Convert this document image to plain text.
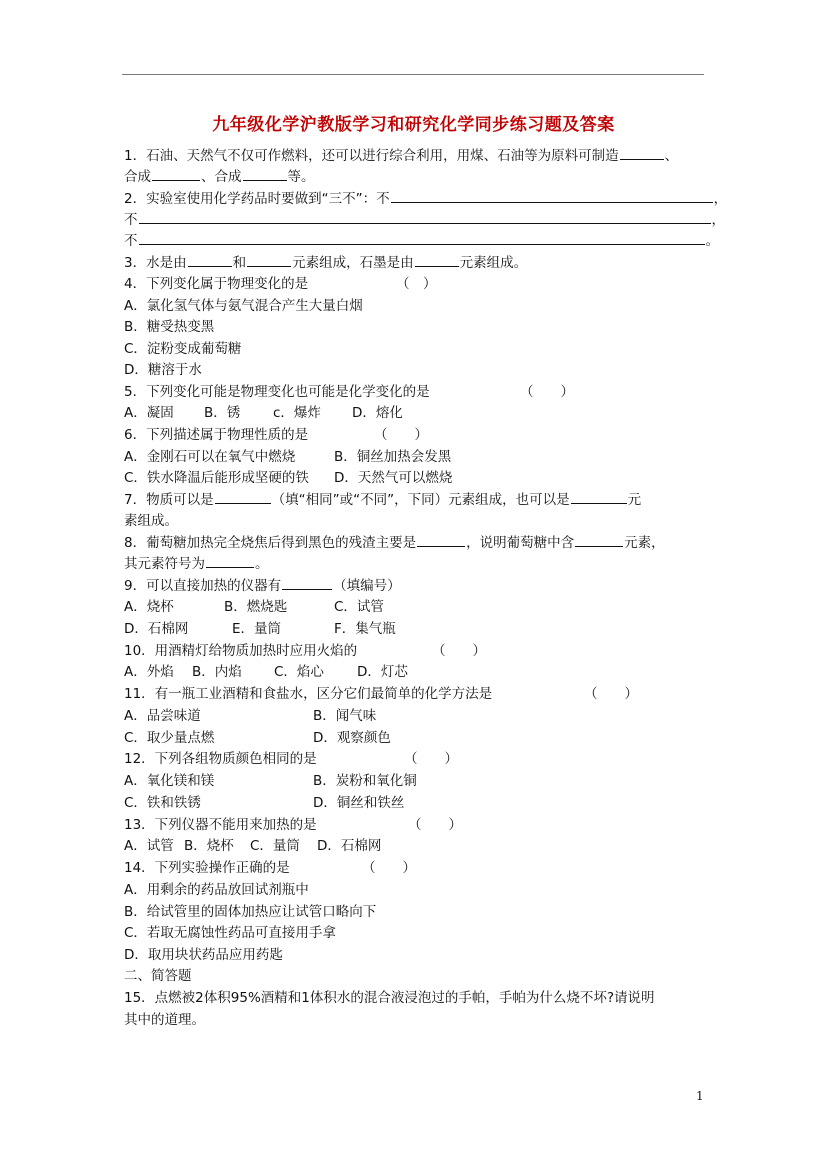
九年级化学沪教版学习和研究化学同步练习题及答案
1．石油、天然气不仅可作燃料，还可以进行综合利用，用煤、石油等为原料可制造	、
合成	、合成	等。
2．实验室使用化学药品时要做到“三不”：不	，
不	，
不	。
3．水是由	和	元素组成，石墨是由	元素组成。
4．下列变化属于物理变化的是	（　）
A．氯化氢气体与氨气混合产生大量白烟
B．糖受热变黑
C．淀粉变成葡萄糖
D．糖溶于水
5．下列变化可能是物理变化也可能是化学变化的是	（　　）
A．凝固 B．锈 c．爆炸 D．熔化
6．下列描述属于物理性质的是	（　　）
A．金刚石可以在氧气中燃烧	B．铜丝加热会发黑
C．铁水降温后能形成坚硬的铁 D．天然气可以燃烧
7．物质可以是	（填“相同”或“不同”，下同）元素组成，也可以是	元
素组成。
8．葡萄糖加热完全烧焦后得到黑色的残渣主要是	，说明葡萄糖中含	元素，
其元素符号为	。
9．可以直接加热的仪器有	（填编号）
A．烧杯	B．燃烧匙	C．试管
D．石棉网	E．量筒	F．集气瓶
10．用酒精灯给物质加热时应用火焰的	（　　）
A．外焰 B．内焰 C．焰心 D．灯芯
11．有一瓶工业酒精和食盐水，区分它们最简单的化学方法是	（　　）
A．品尝味道	B．闻气味
C．取少量点燃	D．观察颜色
12．下列各组物质颜色相同的是	（　　）
A．氧化镁和镁	B．炭粉和氧化铜
C．铁和铁锈	D．铜丝和铁丝
13．下列仪器不能用来加热的是	（　　）
A．试管 B．烧杯 C．量筒 D．石棉网
14．下列实验操作正确的是	（　　）
A．用剩余的药品放回试剂瓶中
B．给试管里的固体加热应让试管口略向下
C．若取无腐蚀性药品可直接用手拿
D．取用块状药品应用药匙
二、简答题
15．点燃被2体积95%酒精和1体积水的混合液浸泡过的手帕，手帕为什么烧不坏?请说明
其中的道理。
1
